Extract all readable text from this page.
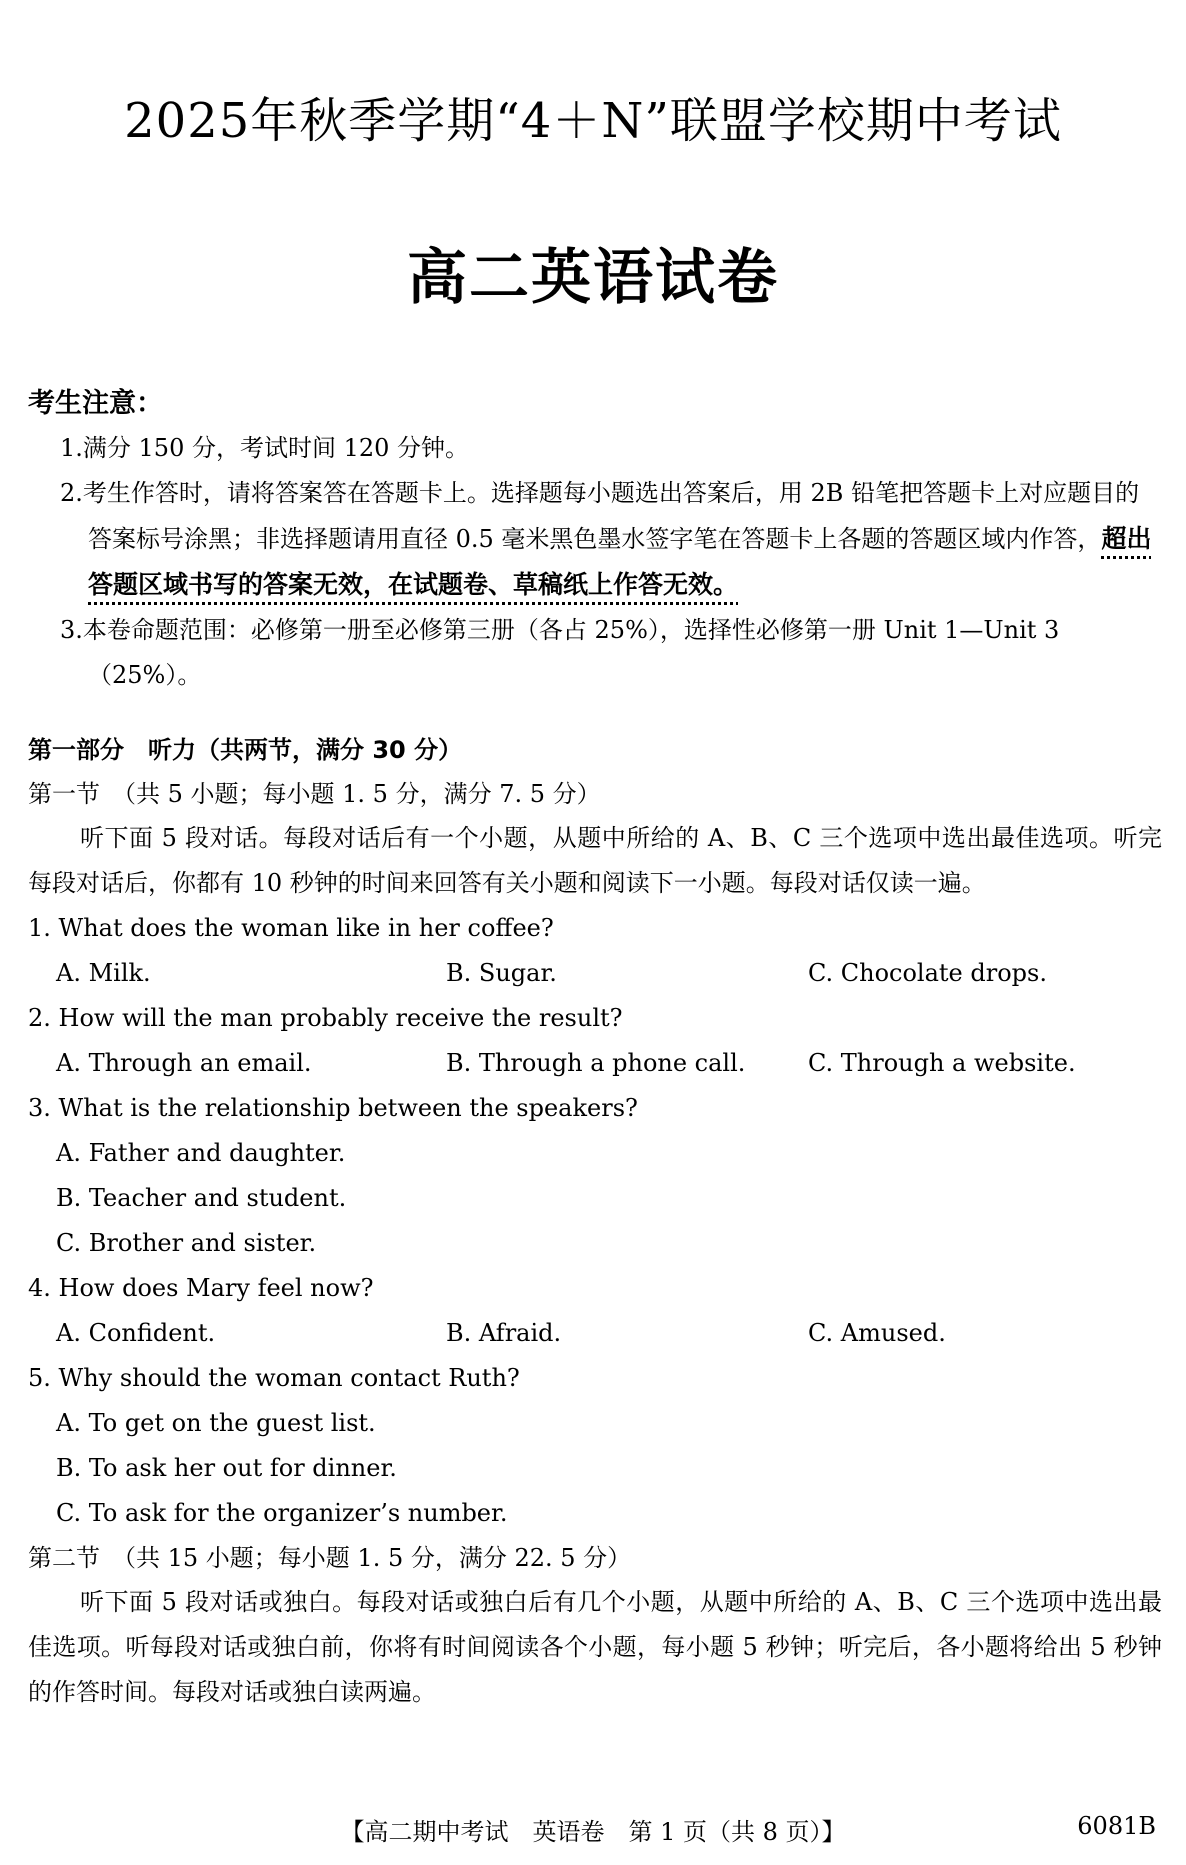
2025年秋季学期“4＋N”联盟学校期中考试
高二英语试卷
考生注意：
1.满分 150 分，考试时间 120 分钟。
2.考生作答时，请将答案答在答题卡上。选择题每小题选出答案后，用 2B 铅笔把答题卡上对应题目的答案标号涂黑；非选择题请用直径 0.5 毫米黑色墨水签字笔在答题卡上各题的答题区域内作答，超出答题区域书写的答案无效，在试题卷、草稿纸上作答无效。
3.本卷命题范围：必修第一册至必修第三册（各占 25%），选择性必修第一册 Unit 1—Unit 3（25%）。
第一部分　听力（共两节，满分 30 分）
第一节　（共 5 小题；每小题 1. 5 分，满分 7. 5 分）
听下面 5 段对话。每段对话后有一个小题，从题中所给的 A、B、C 三个选项中选出最佳选项。听完每段对话后，你都有 10 秒钟的时间来回答有关小题和阅读下一小题。每段对话仅读一遍。
1. What does the woman like in her coffee?
A. Milk.	B. Sugar.	C. Chocolate drops.
2. How will the man probably receive the result?
A. Through an email.	B. Through a phone call.	C. Through a website.
3. What is the relationship between the speakers?
A. Father and daughter.
B. Teacher and student.
C. Brother and sister.
4. How does Mary feel now?
A. Confident.	B. Afraid.	C. Amused.
5. Why should the woman contact Ruth?
A. To get on the guest list.
B. To ask her out for dinner.
C. To ask for the organizer’s number.
第二节　（共 15 小题；每小题 1. 5 分，满分 22. 5 分）
听下面 5 段对话或独白。每段对话或独白后有几个小题，从题中所给的 A、B、C 三个选项中选出最佳选项。听每段对话或独白前，你将有时间阅读各个小题，每小题 5 秒钟；听完后，各小题将给出 5 秒钟的作答时间。每段对话或独白读两遍。
【高二期中考试　英语卷　第 1 页（共 8 页）】	6081B
